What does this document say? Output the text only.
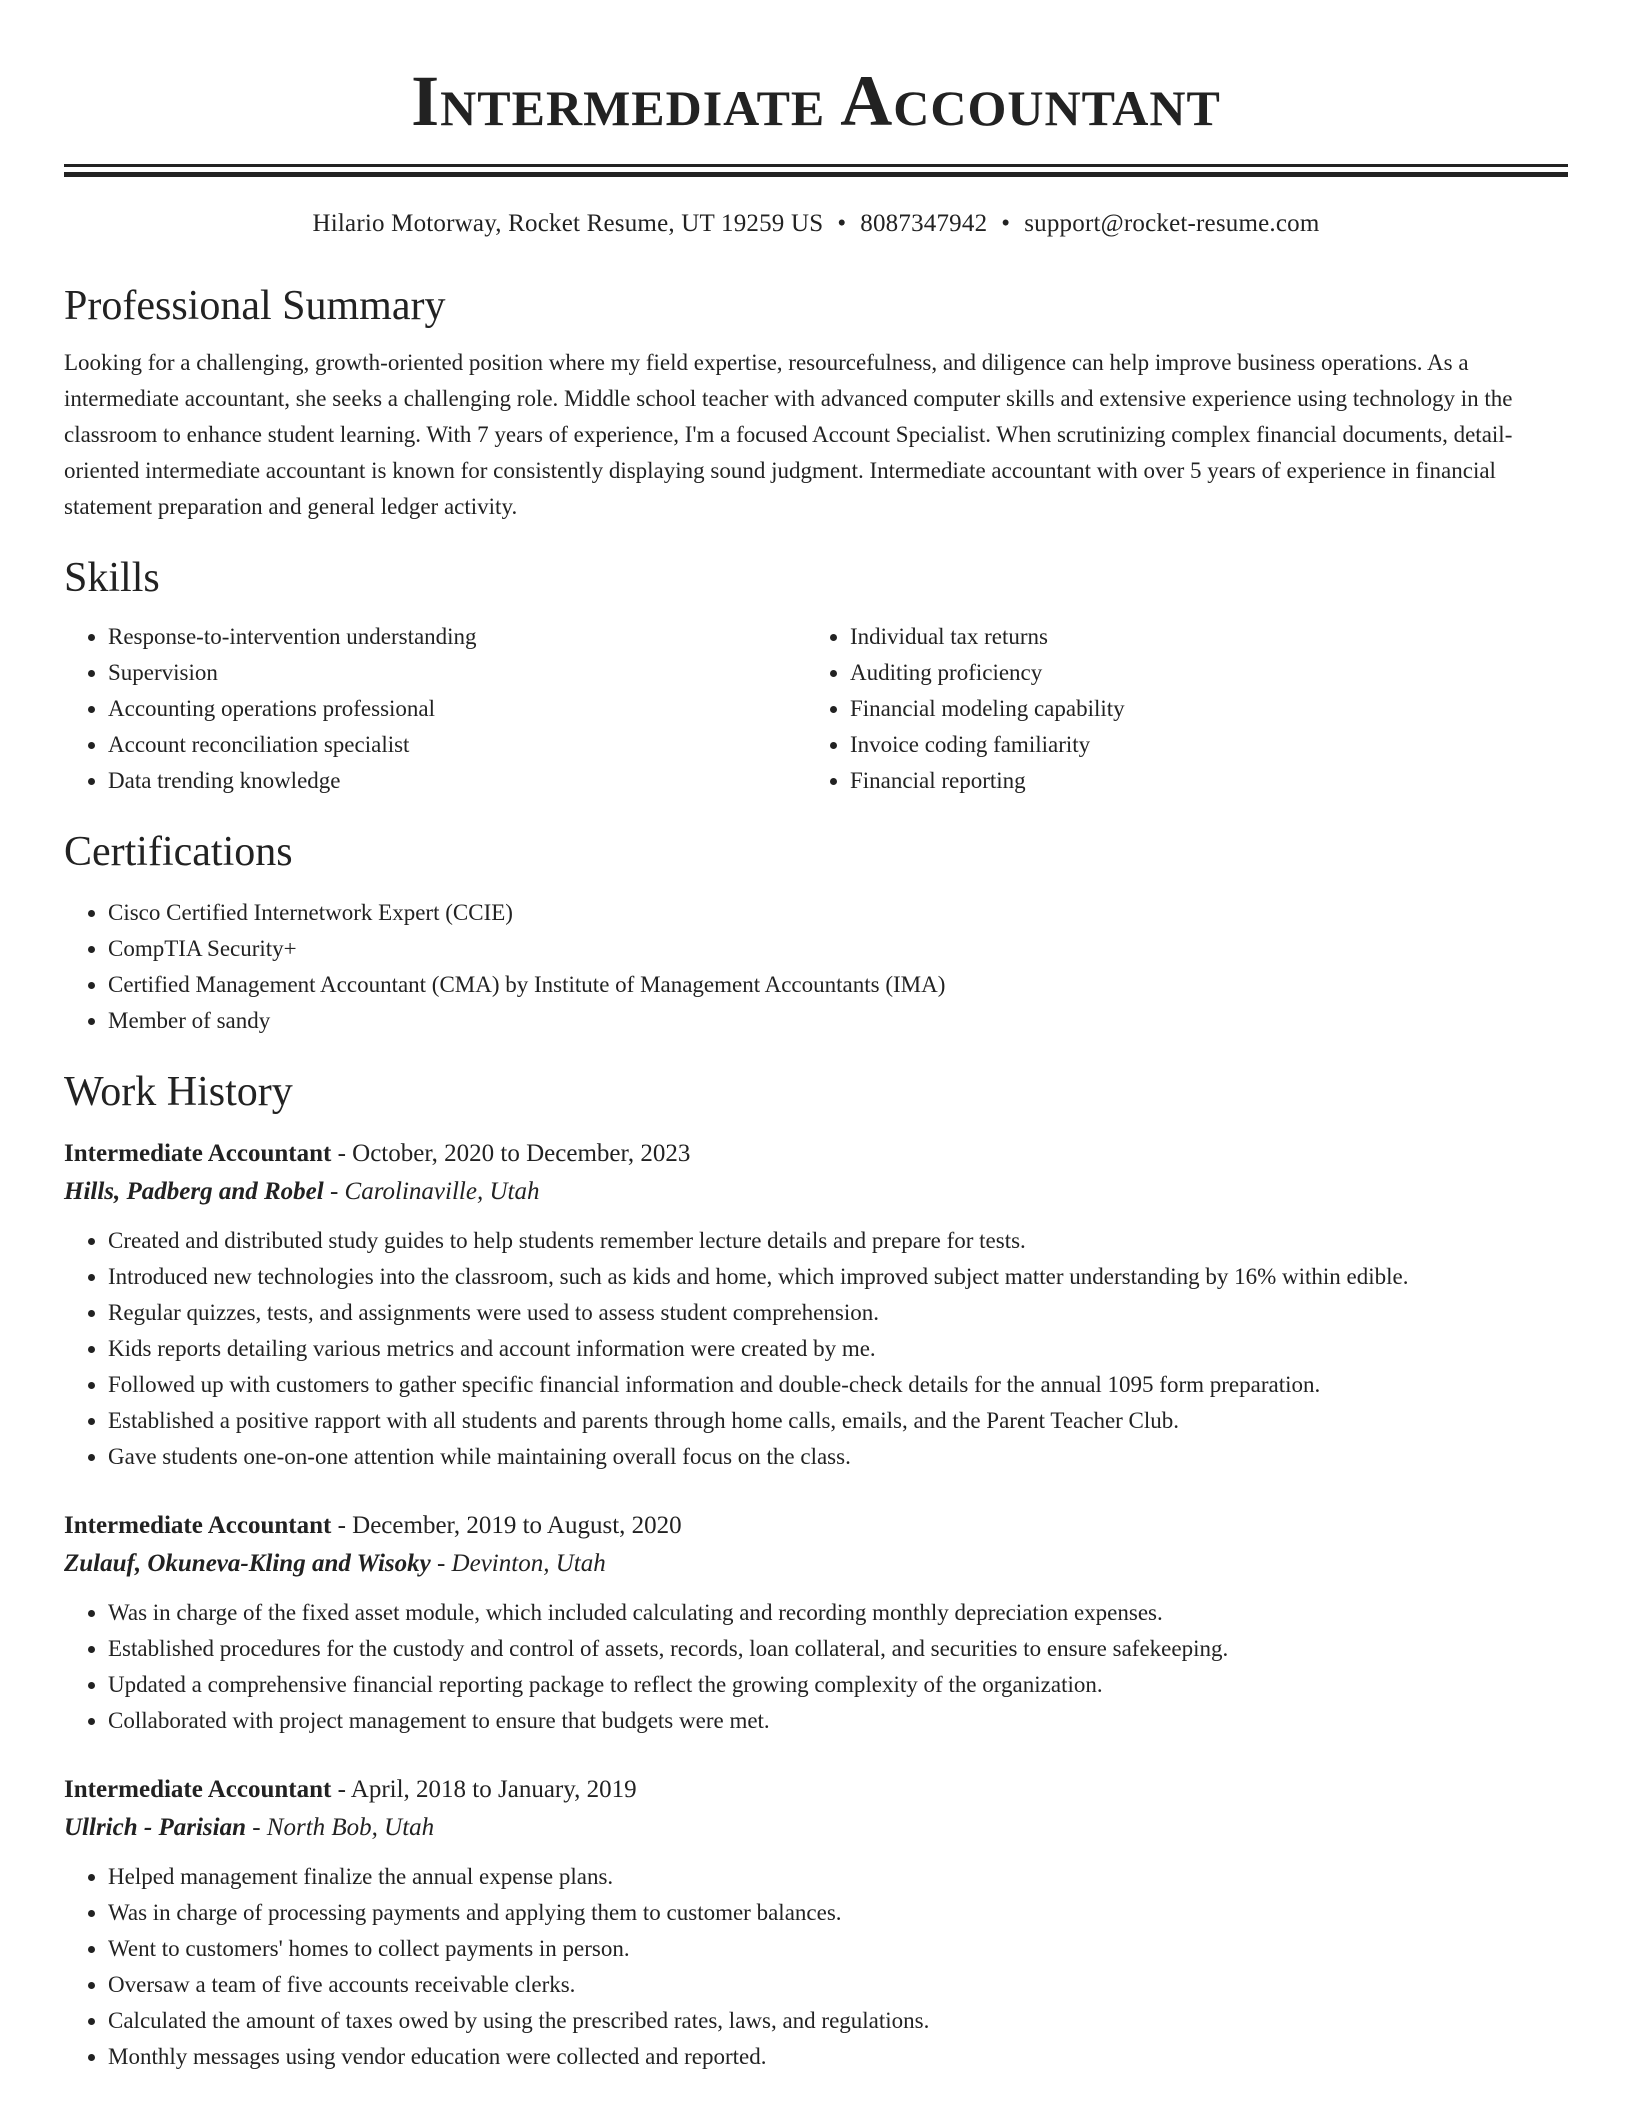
Intermediate Accountant
Hilario Motorway, Rocket Resume, UT 19259 US • 8087347942 • support@rocket-resume.com
Professional Summary
Looking for a challenging, growth-oriented position where my field expertise, resourcefulness, and diligence can help improve business operations. As a intermediate accountant, she seeks a challenging role. Middle school teacher with advanced computer skills and extensive experience using technology in the classroom to enhance student learning. With 7 years of experience, I'm a focused Account Specialist. When scrutinizing complex financial documents, detail-oriented intermediate accountant is known for consistently displaying sound judgment. Intermediate accountant with over 5 years of experience in financial statement preparation and general ledger activity.
Skills
• Response-to-intervention understanding
• Supervision
• Accounting operations professional
• Account reconciliation specialist
• Data trending knowledge
• Individual tax returns
• Auditing proficiency
• Financial modeling capability
• Invoice coding familiarity
• Financial reporting
Certifications
• Cisco Certified Internetwork Expert (CCIE)
• CompTIA Security+
• Certified Management Accountant (CMA) by Institute of Management Accountants (IMA)
• Member of sandy
Work History
Intermediate Accountant - October, 2020 to December, 2023
Hills, Padberg and Robel - Carolinaville, Utah
• Created and distributed study guides to help students remember lecture details and prepare for tests.
• Introduced new technologies into the classroom, such as kids and home, which improved subject matter understanding by 16% within edible.
• Regular quizzes, tests, and assignments were used to assess student comprehension.
• Kids reports detailing various metrics and account information were created by me.
• Followed up with customers to gather specific financial information and double-check details for the annual 1095 form preparation.
• Established a positive rapport with all students and parents through home calls, emails, and the Parent Teacher Club.
• Gave students one-on-one attention while maintaining overall focus on the class.
Intermediate Accountant - December, 2019 to August, 2020
Zulauf, Okuneva-Kling and Wisoky - Devinton, Utah
• Was in charge of the fixed asset module, which included calculating and recording monthly depreciation expenses.
• Established procedures for the custody and control of assets, records, loan collateral, and securities to ensure safekeeping.
• Updated a comprehensive financial reporting package to reflect the growing complexity of the organization.
• Collaborated with project management to ensure that budgets were met.
Intermediate Accountant - April, 2018 to January, 2019
Ullrich - Parisian - North Bob, Utah
• Helped management finalize the annual expense plans.
• Was in charge of processing payments and applying them to customer balances.
• Went to customers' homes to collect payments in person.
• Oversaw a team of five accounts receivable clerks.
• Calculated the amount of taxes owed by using the prescribed rates, laws, and regulations.
• Monthly messages using vendor education were collected and reported.
